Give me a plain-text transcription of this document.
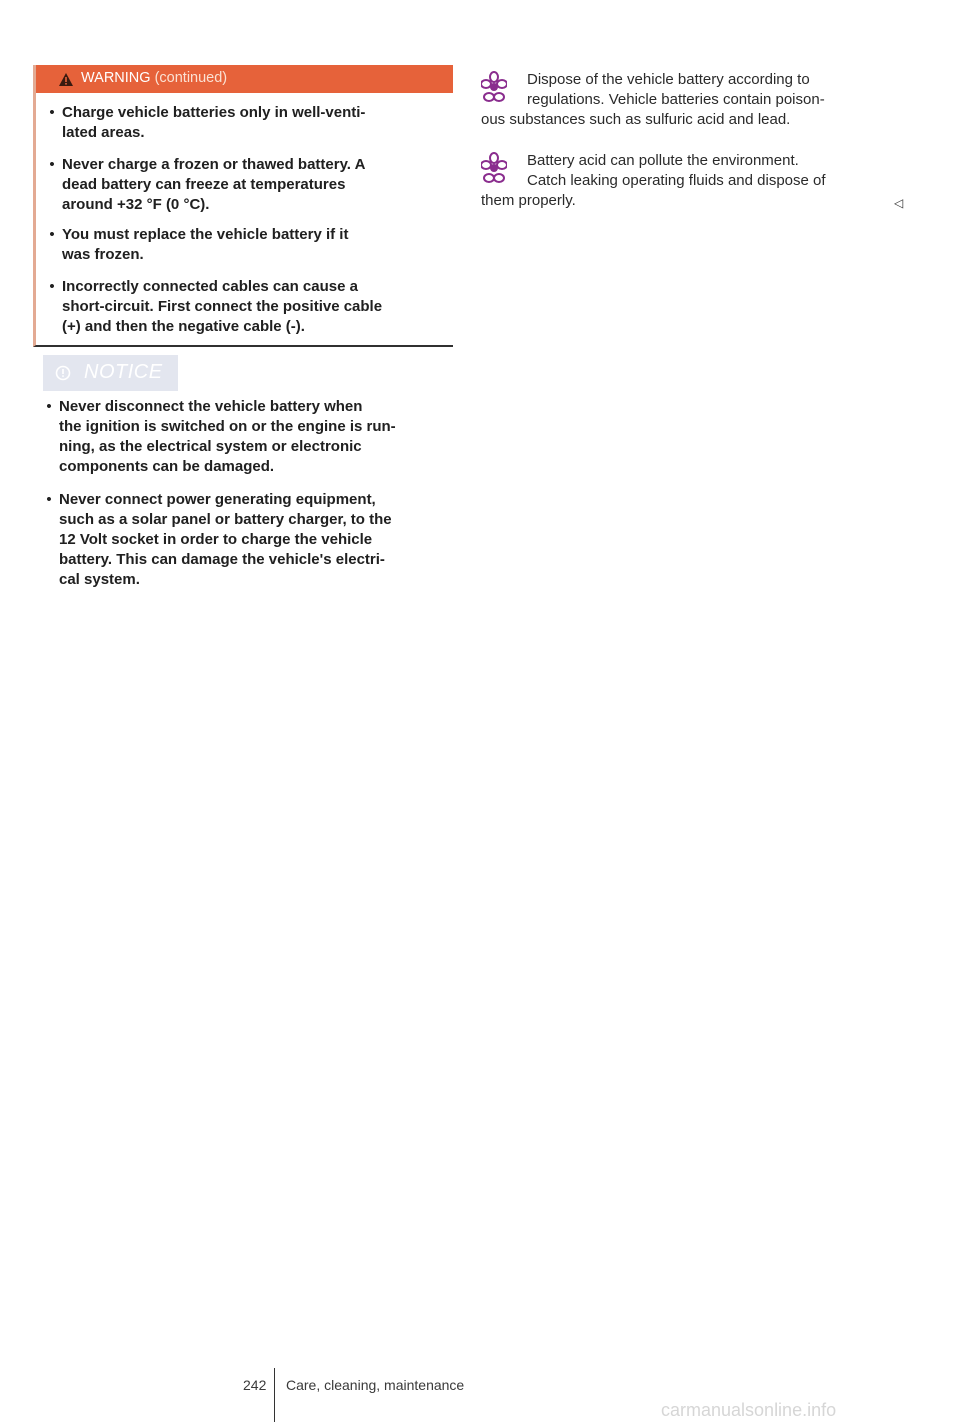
WARNING (continued)
• Charge vehicle batteries only in well-venti-
lated areas.
• Never charge a frozen or thawed battery. A
dead battery can freeze at temperatures
around +32 °F (0 °C).
• You must replace the vehicle battery if it
was frozen.
• Incorrectly connected cables can cause a
short-circuit. First connect the positive cable
(+) and then the negative cable (-).
NOTICE
• Never disconnect the vehicle battery when
the ignition is switched on or the engine is run-
ning, as the electrical system or electronic
components can be damaged.
• Never connect power generating equipment,
such as a solar panel or battery charger, to the
12 Volt socket in order to charge the vehicle
battery. This can damage the vehicle's electri-
cal system.
Dispose of the vehicle battery according to
regulations. Vehicle batteries contain poison-
ous substances such as sulfuric acid and lead.
Battery acid can pollute the environment.
Catch leaking operating fluids and dispose of
them properly.	◁
242 Care, cleaning, maintenance
carmanualsonline.info
